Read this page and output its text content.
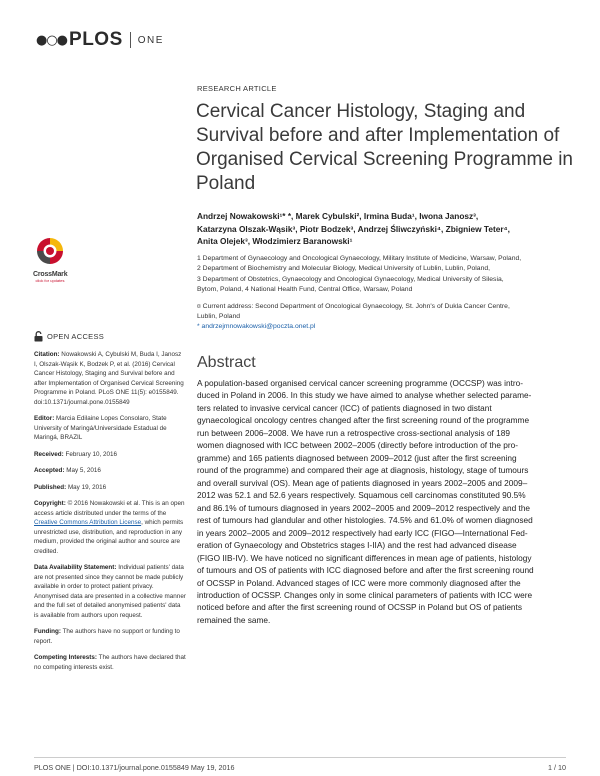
●○● PLOS ONE
RESEARCH ARTICLE
Cervical Cancer Histology, Staging and
Survival before and after Implementation of
Organised Cervical Screening Programme in
Poland
Andrzej Nowakowski¹* *, Marek Cybulski², Irmina Buda¹, Iwona Janosz³,
Katarzyna Olszak-Wąsik³, Piotr Bodzek³, Andrzej Śliwczyński⁴, Zbigniew Teter⁴,
Anita Olejek³, Włodzimierz Baranowski¹
1 Department of Gynaecology and Oncological Gynaecology, Military Institute of Medicine, Warsaw, Poland,
2 Department of Biochemistry and Molecular Biology, Medical University of Lublin, Lublin, Poland,
3 Department of Obstetrics, Gynaecology and Oncological Gynaecology, Medical University of Silesia,
Bytom, Poland, 4 National Health Fund, Central Office, Warsaw, Poland
¤ Current address: Second Department of Oncological Gynaecology, St. John's of Dukla Cancer Centre,
Lublin, Poland
* andrzejmnowakowski@poczta.onet.pl
CrossMark
click for updates
OPEN ACCESS
Citation: Nowakowski A, Cybulski M, Buda I, Janosz I, Olszak-Wąsik K, Bodzek P, et al. (2016) Cervical Cancer Histology, Staging and Survival before and after Implementation of Organised Cervical Screening Programme in Poland. PLoS ONE 11(5): e0155849. doi:10.1371/journal.pone.0155849
Editor: Marcia Edilaine Lopes Consolaro, State University of Maringá/Universidade Estadual de Maringá, BRAZIL
Received: February 10, 2016
Accepted: May 5, 2016
Published: May 19, 2016
Copyright: © 2016 Nowakowski et al. This is an open access article distributed under the terms of the Creative Commons Attribution License, which permits unrestricted use, distribution, and reproduction in any medium, provided the original author and source are credited.
Data Availability Statement: Individual patients' data are not presented since they cannot be made publicly available in order to protect patient privacy. Anonymised data are presented in a collective manner and the full set of detailed anonymised patients' data is available from authors upon request.
Funding: The authors have no support or funding to report.
Competing Interests: The authors have declared that no competing interests exist.
Abstract
A population-based organised cervical cancer screening programme (OCCSP) was intro-
duced in Poland in 2006. In this study we have aimed to analyse whether selected parame-
ters related to invasive cervical cancer (ICC) of patients diagnosed in two distant
gynaecological oncology centres changed after the first screening round of the programme
run between 2006–2008. We have run a retrospective cross-sectional analysis of 189
women diagnosed with ICC between 2002–2005 (directly before introduction of the pro-
gramme) and 165 patients diagnosed between 2009–2012 (just after the first screening
round of the programme) and compared their age at diagnosis, histology, stage of tumours
and overall survival (OS). Mean age of patients diagnosed in years 2002–2005 and 2009–
2012 was 52.1 and 52.6 years respectively. Squamous cell carcinomas constituted 90.5%
and 86.1% of tumours diagnosed in years 2002–2005 and 2009–2012 respectively and the
rest of tumours had glandular and other histologies. 74.5% and 61.0% of women diagnosed
in years 2002–2005 and 2009–2012 respectively had early ICC (FIGO—International Fed-
eration of Gynaecology and Obstetrics stages I-IIA) and the rest had advanced disease
(FIGO IIB-IV). We have noticed no significant differences in mean age of patients, histology
of tumours and OS of patients with ICC diagnosed before and after the first screening round
of OCSSP in Poland. Advanced stages of ICC were more commonly diagnosed after the
introduction of OCSSP. Changes only in some clinical parameters of patients with ICC were
noticed before and after the first screening round of OCSSP in Poland but OS of patients
remained the same.
PLOS ONE | DOI:10.1371/journal.pone.0155849 May 19, 2016	1 / 10
